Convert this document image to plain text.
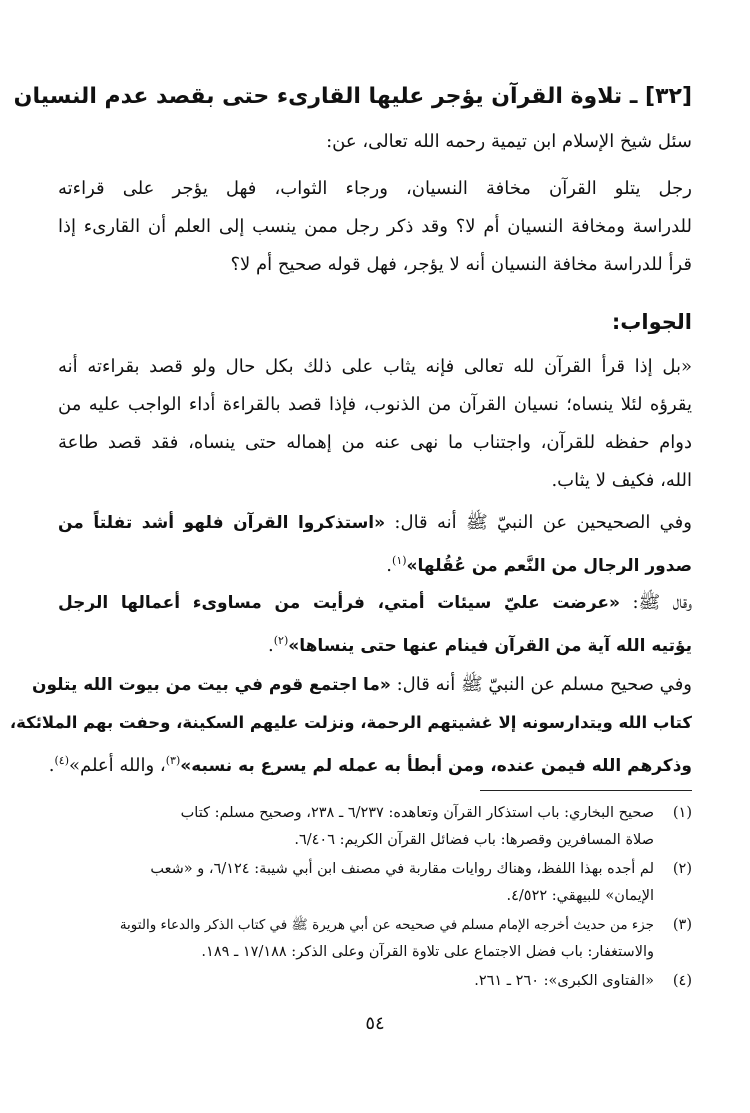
[٣٢] ـ تلاوة القرآن يؤجر عليها القارىء حتى بقصد عدم النسيان
سئل شيخ الإسلام ابن تيمية رحمه الله تعالى، عن:
رجل يتلو القرآن مخافة النسيان، ورجاء الثواب، فهل يؤجر على قراءته
للدراسة ومخافة النسيان أم لا؟ وقد ذكر رجل ممن ينسب إلى العلم أن القارىء إذا
قرأ للدراسة مخافة النسيان أنه لا يؤجر، فهل قوله صحيح أم لا؟
الجواب:
«بل إذا قرأ القرآن لله تعالى فإنه يثاب على ذلك بكل حال ولو قصد بقراءته أنه
يقرؤه لئلا ينساه؛ نسيان القرآن من الذنوب، فإذا قصد بالقراءة أداء الواجب عليه من
دوام حفظه للقرآن، واجتناب ما نهى عنه من إهماله حتى ينساه، فقد قصد طاعة
الله، فكيف لا يثاب.
وفي الصحيحين عن النبيّ ﷺ أنه قال: «استذكروا القرآن فلهو أشد تفلتاً من
صدور الرجال من النَّعم من عُقُلها»$^{(١)}$.
وقال ﷺ: «عرضت عليّ سيئات أمتي، فرأيت من مساوىء أعمالها الرجل
يؤتيه الله آية من القرآن فينام عنها حتى ينساها»$^{(٢)}$.
وفي صحيح مسلم عن النبيّ ﷺ أنه قال: «ما اجتمع قوم في بيت من بيوت الله يتلون
كتاب الله ويتدارسونه إلا غشيتهم الرحمة، ونزلت عليهم السكينة، وحفت بهم الملائكة،
وذكرهم الله فيمن عنده، ومن أبطأ به عمله لم يسرع به نسبه»$^{(٣)}$، والله أعلم»$^{(٤)}$.
(١)
صحيح البخاري: باب استذكار القرآن وتعاهده: ٦/٢٣٧ ـ ٢٣٨، وصحيح مسلم: كتاب
صلاة المسافرين وقصرها: باب فضائل القرآن الكريم: ٦/٤٠٦.
(٢)
لم أجده بهذا اللفظ، وهناك روايات مقاربة في مصنف ابن أبي شيبة: ٦/١٢٤، و «شعب
الإيمان» للبيهقي: ٤/٥٢٢.
(٣)
جزء من حديث أخرجه الإمام مسلم في صحيحه عن أبي هريرة ﷺ في كتاب الذكر والدعاء والتوبة
والاستغفار: باب فضل الاجتماع على تلاوة القرآن وعلى الذكر: ١٧/١٨٨ ـ ١٨٩.
(٤)
«الفتاوى الكبرى»: ٢٦٠ ـ ٢٦١.
٥٤
